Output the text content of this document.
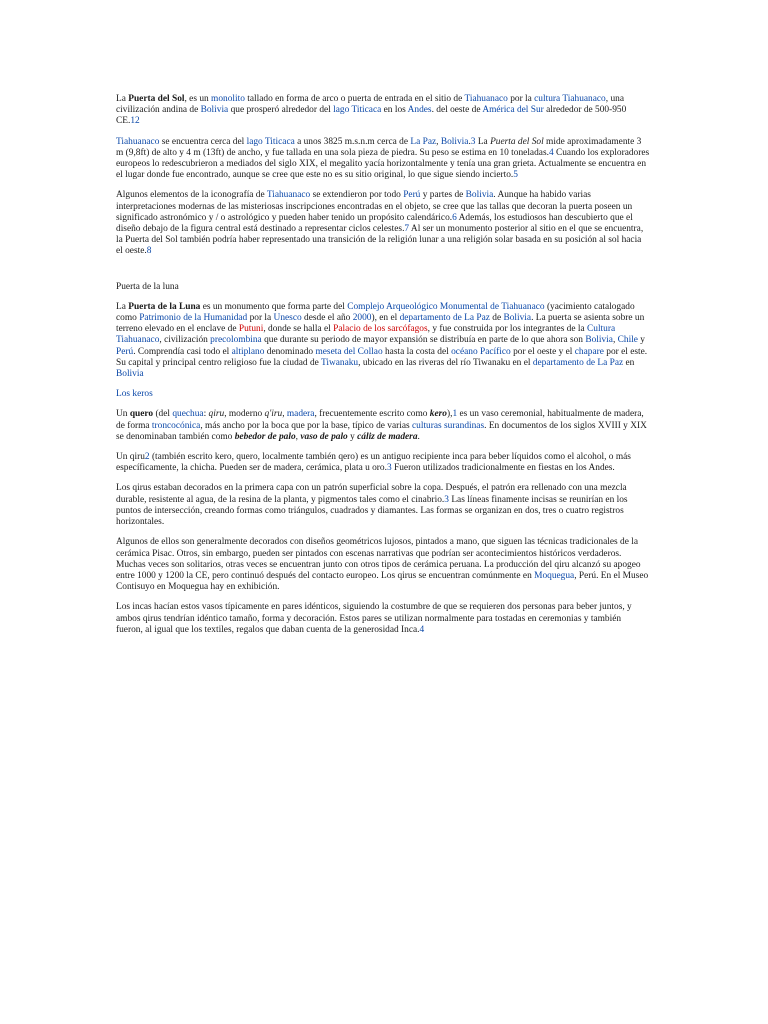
La Puerta del Sol, es un monolito tallado en forma de arco o puerta de entrada en el sitio de Tiahuanaco por la cultura Tiahuanaco, una civilización andina de Bolivia que prosperó alrededor del lago Titicaca en los Andes. del oeste de América del Sur alrededor de 500-950 CE.12

Tiahuanaco se encuentra cerca del lago Titicaca a unos 3825 m.s.n.m cerca de La Paz, Bolivia.3 La Puerta del Sol mide aproximadamente 3 m (9,8ft) de alto y 4 m (13ft) de ancho, y fue tallada en una sola pieza de piedra. Su peso se estima en 10 toneladas.4 Cuando los exploradores europeos lo redescubrieron a mediados del siglo XIX, el megalito yacía horizontalmente y tenía una gran grieta. Actualmente se encuentra en el lugar donde fue encontrado, aunque se cree que este no es su sitio original, lo que sigue siendo incierto.5

Algunos elementos de la iconografía de Tiahuanaco se extendieron por todo Perú y partes de Bolivia. Aunque ha habido varias interpretaciones modernas de las misteriosas inscripciones encontradas en el objeto, se cree que las tallas que decoran la puerta poseen un significado astronómico y / o astrológico y pueden haber tenido un propósito calendárico.6 Además, los estudiosos han descubierto que el diseño debajo de la figura central está destinado a representar ciclos celestes.7 Al ser un monumento posterior al sitio en el que se encuentra, la Puerta del Sol también podría haber representado una transición de la religión lunar a una religión solar basada en su posición al sol hacia el oeste.8

Puerta de la luna

La Puerta de la Luna es un monumento que forma parte del Complejo Arqueológico Monumental de Tiahuanaco (yacimiento catalogado como Patrimonio de la Humanidad por la Unesco desde el año 2000), en el departamento de La Paz de Bolivia. La puerta se asienta sobre un terreno elevado en el enclave de Putuni, donde se halla el Palacio de los sarcófagos, y fue construida por los integrantes de la Cultura Tiahuanaco, civilización precolombina que durante su periodo de mayor expansión se distribuía en parte de lo que ahora son Bolivia, Chile y Perú. Comprendía casi todo el altiplano denominado meseta del Collao hasta la costa del océano Pacífico por el oeste y el chapare por el este. Su capital y principal centro religioso fue la ciudad de Tiwanaku, ubicado en las riveras del río Tiwanaku en el departamento de La Paz en Bolivia

Los keros

Un quero (del quechua: qiru, moderno q'iru, madera, frecuentemente escrito como kero),1 es un vaso ceremonial, habitualmente de madera, de forma troncocónica, más ancho por la boca que por la base, típico de varias culturas surandinas. En documentos de los siglos XVIII y XIX se denominaban también como bebedor de palo, vaso de palo y cáliz de madera.

Un qiru2 (también escrito kero, quero, localmente también qero) es un antiguo recipiente inca para beber líquidos como el alcohol, o más específicamente, la chicha. Pueden ser de madera, cerámica, plata u oro.3 Fueron utilizados tradicionalmente en fiestas en los Andes.

Los qirus estaban decorados en la primera capa con un patrón superficial sobre la copa. Después, el patrón era rellenado con una mezcla durable, resistente al agua, de la resina de la planta, y pigmentos tales como el cinabrio.3 Las líneas finamente incisas se reunirían en los puntos de intersección, creando formas como triángulos, cuadrados y diamantes. Las formas se organizan en dos, tres o cuatro registros horizontales.

Algunos de ellos son generalmente decorados con diseños geométricos lujosos, pintados a mano, que siguen las técnicas tradicionales de la cerámica Pisac. Otros, sin embargo, pueden ser pintados con escenas narrativas que podrían ser acontecimientos históricos verdaderos. Muchas veces son solitarios, otras veces se encuentran junto con otros tipos de cerámica peruana. La producción del qiru alcanzó su apogeo entre 1000 y 1200 la CE, pero continuó después del contacto europeo. Los qirus se encuentran comúnmente en Moquegua, Perú. En el Museo Contisuyo en Moquegua hay en exhibición.

Los incas hacían estos vasos típicamente en pares idénticos, siguiendo la costumbre de que se requieren dos personas para beber juntos, y ambos qirus tendrían idéntico tamaño, forma y decoración. Estos pares se utilizan normalmente para tostadas en ceremonias y también fueron, al igual que los textiles, regalos que daban cuenta de la generosidad Inca.4
